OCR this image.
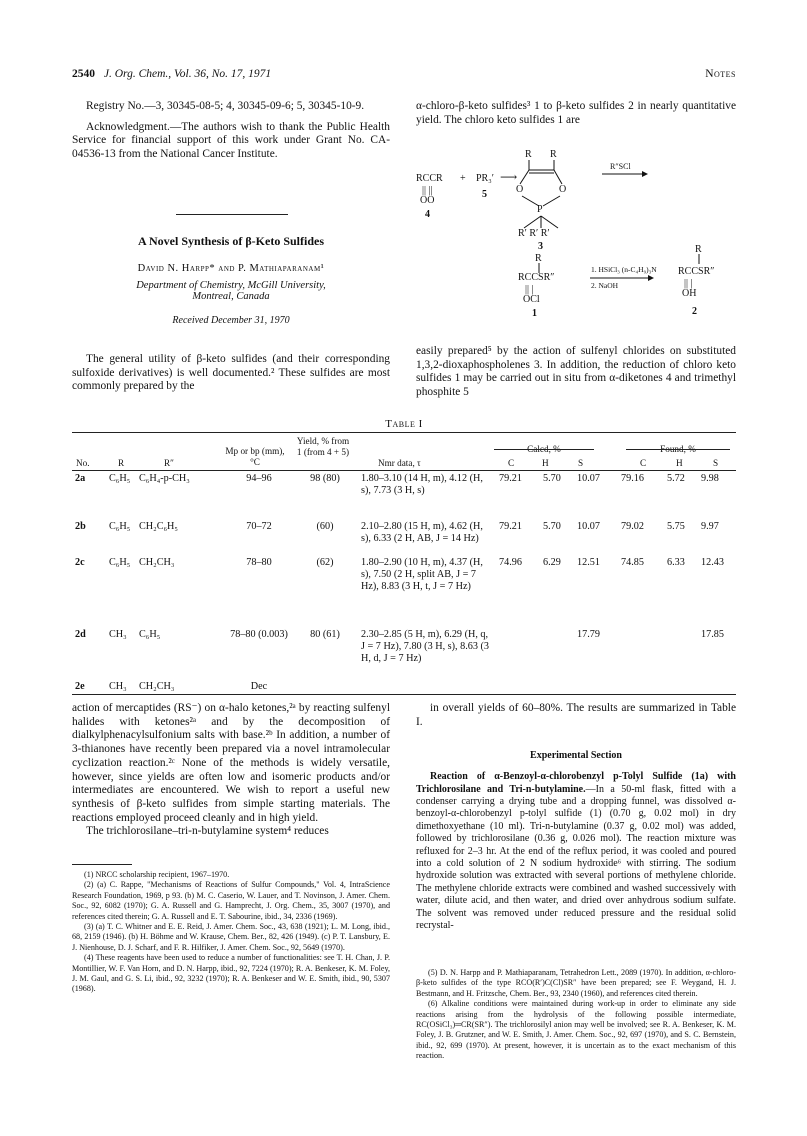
2540 J. Org. Chem., Vol. 36, No. 17, 1971	Notes

Registry No.—3, 30345-08-5; 4, 30345-09-6; 5, 30345-10-9.

Acknowledgment.—The authors wish to thank the Public Health Service for financial support of this work under Grant No. CA-04536-13 from the National Cancer Institute.

A Novel Synthesis of β-Keto Sulfides
David N. Harpp* and P. Mathiaparanam¹
Department of Chemistry, McGill University,
Montreal, Canada
Received December 31, 1970

The general utility of β-keto sulfides (and their corresponding sulfoxide derivatives) is well documented.² These sulfides are most commonly prepared by the

α-chloro-β-keto sulfides³ 1 to β-keto sulfides 2 in nearly quantitative yield. The chloro keto sulfides 1 are

RCCR
|| ||
OO
4
+ PR₃′
5
⟶
R R
O	O
P
R′ R′ R′
3
R″SCl
R
RCCSR″
|| |
OCl
1
1. HSiCl₃ (n-C₄H₉)₃N
2. NaOH
R
RCCSR″
|| |
OH
2

easily prepared⁵ by the action of sulfenyl chlorides on substituted 1,3,2-dioxaphospholenes 3. In addition, the reduction of chloro keto sulfides 1 may be carried out in situ from α-diketones 4 and trimethyl phosphite 5

Table I
No.	R	R″
Mp or bp (mm), °C
Yield, % from 1 (from 4 + 5)
Nmr data, τ
Calcd, %
C	H	S
Found, %
C	H	S
2a	C₆H₅	C₆H₄-p-CH₃	94–96	98 (80)	1.80–3.10 (14 H, m), 4.12 (H, s), 7.73 (3 H, s)	79.21	5.70	10.07	79.16	5.72	9.98
2b	C₆H₅	CH₂C₆H₅	70–72	(60)	2.10–2.80 (15 H, m), 4.62 (H, s), 6.33 (2 H, AB, J = 14 Hz)	79.21	5.70	10.07	79.02	5.75	9.97
2c	C₆H₅	CH₂CH₃	78–80	(62)	1.80–2.90 (10 H, m), 4.37 (H, s), 7.50 (2 H, split AB, J = 7 Hz), 8.83 (3 H, t, J = 7 Hz)	74.96	6.29	12.51	74.85	6.33	12.43
2d	CH₃	C₆H₅	78–80 (0.003)	80 (61)	2.30–2.85 (5 H, m), 6.29 (H, q, J = 7 Hz), 7.80 (3 H, s), 8.63 (3 H, d, J = 7 Hz)			17.79			17.85
2e	CH₃	CH₂CH₃	Dec								

action of mercaptides (RS⁻) on α-halo ketones,²ᵃ by reacting sulfenyl halides with ketones²ᵃ and by the decomposition of dialkylphenacylsulfonium salts with base.²ᵇ In addition, a number of 3-thianones have recently been prepared via a novel intramolecular cyclization reaction.²ᶜ None of the methods is widely versatile, however, since yields are often low and isomeric products and/or intermediates are encountered. We wish to report a useful new synthesis of β-keto sulfides from simple starting materials. The reactions employed proceed cleanly and in high yield.

The trichlorosilane–tri-n-butylamine system⁴ reduces

(1) NRCC scholarship recipient, 1967–1970.

(2) (a) C. Rappe, "Mechanisms of Reactions of Sulfur Compounds," Vol. 4, IntraScience Research Foundation, 1969, p 93. (b) M. C. Caserio, W. Lauer, and T. Novinson, J. Amer. Chem. Soc., 92, 6082 (1970); G. A. Russell and G. Hamprecht, J. Org. Chem., 35, 3007 (1970), and references cited therein; G. A. Russell and E. T. Sabourine, ibid., 34, 2336 (1969).

(3) (a) T. C. Whitner and E. E. Reid, J. Amer. Chem. Soc., 43, 638 (1921); L. M. Long, ibid., 68, 2159 (1946). (b) H. Böhme and W. Krause, Chem. Ber., 82, 426 (1949). (c) P. T. Lansbury, E. J. Nienhouse, D. J. Scharf, and F. R. Hilfiker, J. Amer. Chem. Soc., 92, 5649 (1970).

(4) These reagents have been used to reduce a number of functionalities: see T. H. Chan, J. P. Montillier, W. F. Van Horn, and D. N. Harpp, ibid., 92, 7224 (1970); R. A. Benkeser, K. M. Foley, J. M. Gaul, and G. S. Li, ibid., 92, 3232 (1970); R. A. Benkeser and W. E. Smith, ibid., 90, 5307 (1968).

in overall yields of 60–80%. The results are summarized in Table I.

Experimental Section

Reaction of α-Benzoyl-α-chlorobenzyl p-Tolyl Sulfide (1a) with Trichlorosilane and Tri-n-butylamine.—In a 50-ml flask, fitted with a condenser carrying a drying tube and a dropping funnel, was dissolved α-benzoyl-α-chlorobenzyl p-tolyl sulfide (1) (0.70 g, 0.02 mol) in dry dimethoxyethane (10 ml). Tri-n-butylamine (0.37 g, 0.02 mol) was added, followed by trichlorosilane (0.36 g, 0.026 mol). The reaction mixture was refluxed for 2–3 hr. At the end of the reflux period, it was cooled and poured into a cold solution of 2 N sodium hydroxide⁶ with stirring. The sodium hydroxide solution was extracted with several portions of methylene chloride. The methylene chloride extracts were combined and washed successively with water, dilute acid, and then water, and dried over anhydrous sodium sulfate. The solvent was removed under reduced pressure and the residual solid recrystal-

(5) D. N. Harpp and P. Mathiaparanam, Tetrahedron Lett., 2089 (1970). In addition, α-chloro-β-keto sulfides of the type RCO(R′)C(Cl)SR″ have been prepared; see F. Weygand, H. J. Bestmann, and H. Fritzsche, Chem. Ber., 93, 2340 (1960), and references cited therein.

(6) Alkaline conditions were maintained during work-up in order to eliminate any side reactions arising from the hydrolysis of the following possible intermediate, RC(OSiCl₃)═CR(SR″). The trichlorosilyl anion may well be involved; see R. A. Benkeser, K. M. Foley, J. B. Grutzner, and W. E. Smith, J. Amer. Chem. Soc., 92, 697 (1970), and S. C. Bernstein, ibid., 92, 699 (1970). At present, however, it is uncertain as to the exact mechanism of this reaction.
